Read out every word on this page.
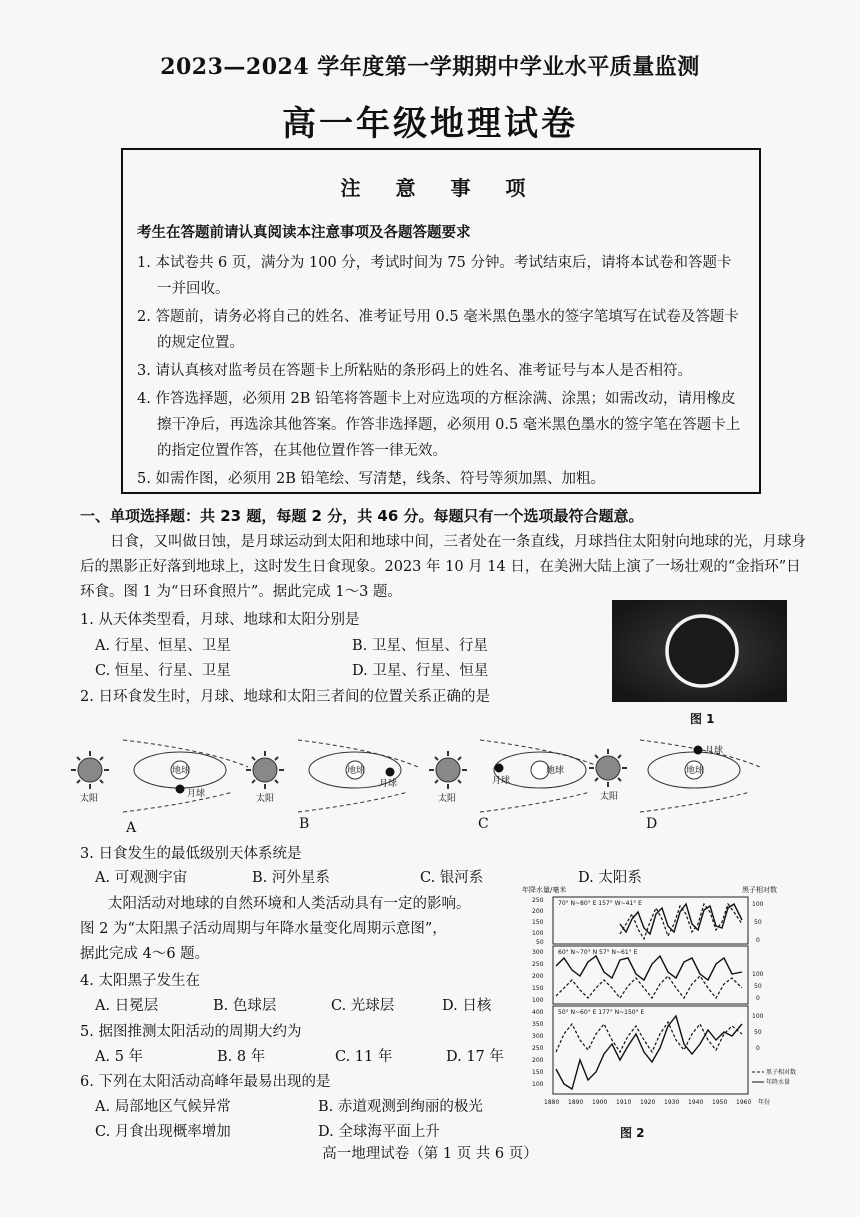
2023—2024 学年度第一学期期中学业水平质量监测
高一年级地理试卷
注 意 事 项
考生在答题前请认真阅读本注意事项及各题答题要求
1. 本试卷共 6 页，满分为 100 分，考试时间为 75 分钟。考试结束后，请将本试卷和答题卡一并回收。
2. 答题前，请务必将自己的姓名、准考证号用 0.5 毫米黑色墨水的签字笔填写在试卷及答题卡的规定位置。
3. 请认真核对监考员在答题卡上所粘贴的条形码上的姓名、准考证号与本人是否相符。
4. 作答选择题，必须用 2B 铅笔将答题卡上对应选项的方框涂满、涂黑；如需改动，请用橡皮擦干净后，再选涂其他答案。作答非选择题，必须用 0.5 毫米黑色墨水的签字笔在答题卡上的指定位置作答，在其他位置作答一律无效。
5. 如需作图，必须用 2B 铅笔绘、写清楚，线条、符号等须加黑、加粗。
一、单项选择题：共 23 题，每题 2 分，共 46 分。每题只有一个选项最符合题意。
日食，又叫做日蚀，是月球运动到太阳和地球中间，三者处在一条直线，月球挡住太阳射向地球的光，月球身后的黑影正好落到地球上，这时发生日食现象。2023 年 10 月 14 日，在美洲大陆上演了一场壮观的“金指环”日环食。图 1 为“日环食照片”。据此完成 1～3 题。
1. 从天体类型看，月球、地球和太阳分别是
A. 行星、恒星、卫星	B. 卫星、恒星、行星
C. 恒星、行星、卫星	D. 卫星、行星、恒星
2. 日环食发生时，月球、地球和太阳三者间的位置关系正确的是
图 1
太阳
地球
月球	太阳
地球
月球
太阳
地球
月球
太阳
地球
月球
A	B	C	D
3. 日食发生的最低级别天体系统是
A. 可观测宇宙	B. 河外星系	C. 银河系	D. 太阳系
太阳活动对地球的自然环境和人类活动具有一定的影响。
图 2 为“太阳黑子活动周期与年降水量变化周期示意图”，
据此完成 4～6 题。
4. 太阳黑子发生在
A. 日冕层	B. 色球层	C. 光球层	D. 日核
5. 据图推测太阳活动的周期大约为
A. 5 年	B. 8 年	C. 11 年	D. 17 年
6. 下列在太阳活动高峰年最易出现的是
A. 局部地区气候异常	B. 赤道观测到绚丽的极光
C. 月食出现概率增加	D. 全球海平面上升
年降水量/毫米	黑子相对数
70° N~80° E 157° W~41° E
250
200
150
100
50
100
50
0
60° N~70° N 57° N~61° E
300
250
200
150
100
100
50
0
50° N~60° E 177° N~150° E
400
350
300
250
200
150
100
100
50
0
黑子相对数
年降水量
1880 1890 1900 1910 1920 1930 1940 1950 1960 年份
图 2
高一地理试卷（第 1 页 共 6 页）
